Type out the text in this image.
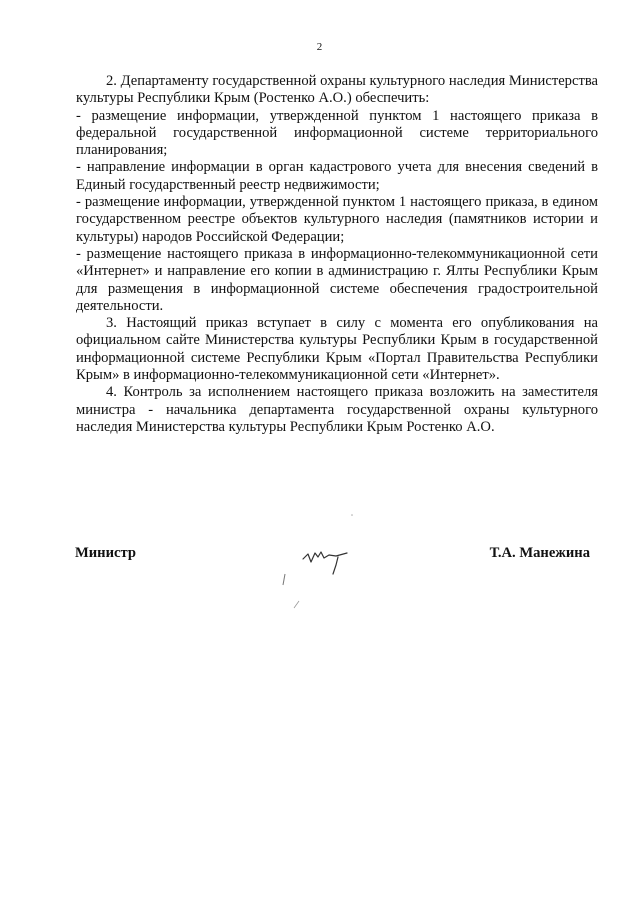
2

2. Департаменту государственной охраны культурного наследия Министерства культуры Республики Крым (Ростенко А.О.) обеспечить:

- размещение информации, утвержденной пунктом 1 настоящего приказа в федеральной государственной информационной системе территориального планирования;

- направление информации в орган кадастрового учета для внесения сведений в Единый государственный реестр недвижимости;

- размещение информации, утвержденной пунктом 1 настоящего приказа, в едином государственном реестре объектов культурного наследия (памятников истории и культуры) народов Российской Федерации;

- размещение настоящего приказа в информационно-телекоммуникационной сети «Интернет» и направление его копии в администрацию г. Ялты Республики Крым для размещения в информационной системе обеспечения градостроительной деятельности.

3. Настоящий приказ вступает в силу с момента его опубликования на официальном сайте Министерства культуры Республики Крым в государственной информационной системе Республики Крым «Портал Правительства Республики Крым» в информационно-телекоммуникационной сети «Интернет».

4. Контроль за исполнением настоящего приказа возложить на заместителя министра - начальника департамента государственной охраны культурного наследия Министерства культуры Республики Крым Ростенко А.О.

Министр	Т.А. Манежина
